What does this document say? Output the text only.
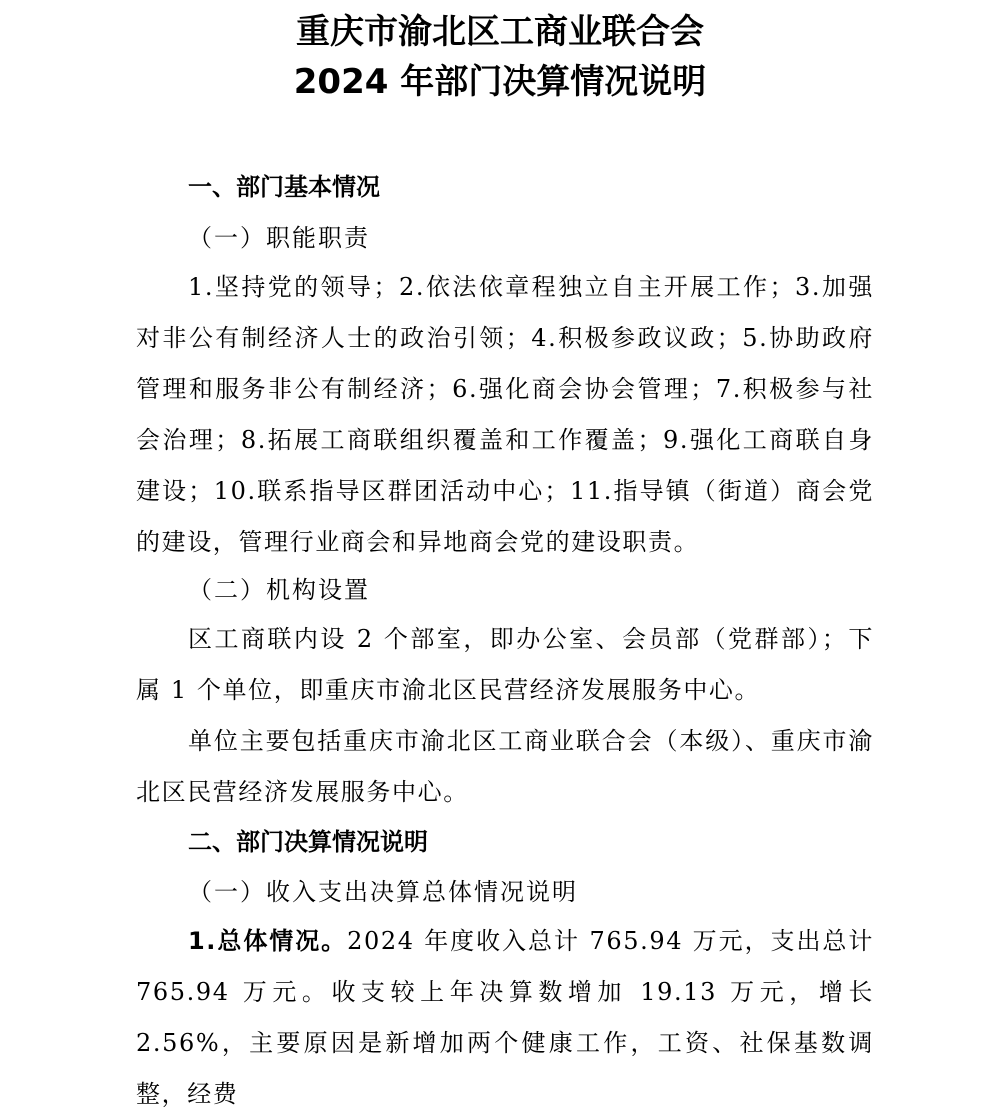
重庆市渝北区工商业联合会
2024 年部门决算情况说明
一、部门基本情况
（一）职能职责

1.坚持党的领导；2.依法依章程独立自主开展工作；3.加强对非公有制经济人士的政治引领；4.积极参政议政；5.协助政府管理和服务非公有制经济；6.强化商会协会管理；7.积极参与社会治理；8.拓展工商联组织覆盖和工作覆盖；9.强化工商联自身建设；10.联系指导区群团活动中心；11.指导镇（街道）商会党的建设，管理行业商会和异地商会党的建设职责。

（二）机构设置

区工商联内设 2 个部室，即办公室、会员部（党群部）；下属 1 个单位，即重庆市渝北区民营经济发展服务中心。

单位主要包括重庆市渝北区工商业联合会（本级）、重庆市渝北区民营经济发展服务中心。

二、部门决算情况说明
（一）收入支出决算总体情况说明

1.总体情况。2024 年度收入总计 765.94 万元，支出总计 765.94 万元。收支较上年决算数增加 19.13 万元，增长 2.56%，主要原因是新增加两个健康工作，工资、社保基数调整，经费
